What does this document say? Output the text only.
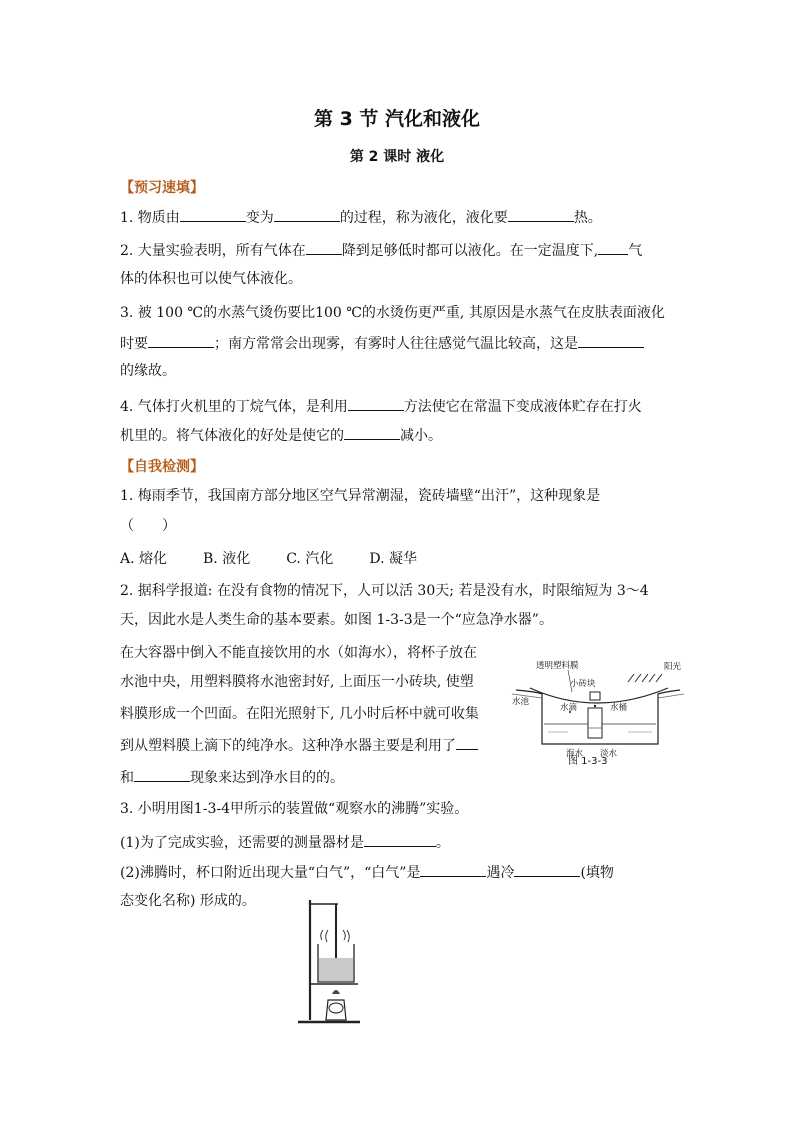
第 3 节 汽化和液化
第 2 课时 液化
【预习速填】
1. 物质由	变为	的过程，称为液化，液化要	热。
2. 大量实验表明，所有气体在	降到足够低时都可以液化。在一定温度下, 气
体的体积也可以使气体液化。
3. 被 100 ℃的水蒸气烫伤要比100 ℃的水烫伤更严重, 其原因是水蒸气在皮肤表面液化
时要	；南方常常会出现雾，有雾时人往往感觉气温比较高，这是
的缘故。
4. 气体打火机里的丁烷气体，是利用	方法使它在常温下变成液体贮存在打火
机里的。将气体液化的好处是使它的	减小。
【自我检测】
1. 梅雨季节，我国南方部分地区空气异常潮湿，瓷砖墙壁“出汗”，这种现象是
（　　）
A. 熔化	B. 液化	C. 汽化	D. 凝华
2. 据科学报道: 在没有食物的情况下，人可以活 30天; 若是没有水，时限缩短为 3～4
天，因此水是人类生命的基本要素。如图 1-3-3是一个“应急净水器”。
在大容器中倒入不能直接饮用的水（如海水），将杯子放在
水池中央，用塑料膜将水池密封好, 上面压一小砖块, 使塑
料膜形成一个凹面。在阳光照射下, 几小时后杯中就可收集
到从塑料膜上滴下的纯净水。这种净水器主要是利用了
和	现象来达到净水目的的。
透明塑料膜	阳光
小砖块
水池
水滴	水桶
海水 淡水
图 1-3-3
3. 小明用图1-3-4甲所示的装置做“观察水的沸腾”实验。
(1)为了完成实验，还需要的测量器材是	。
(2)沸腾时，杯口附近出现大量“白气”，“白气”是	遇冷	(填物
态变化名称) 形成的。
